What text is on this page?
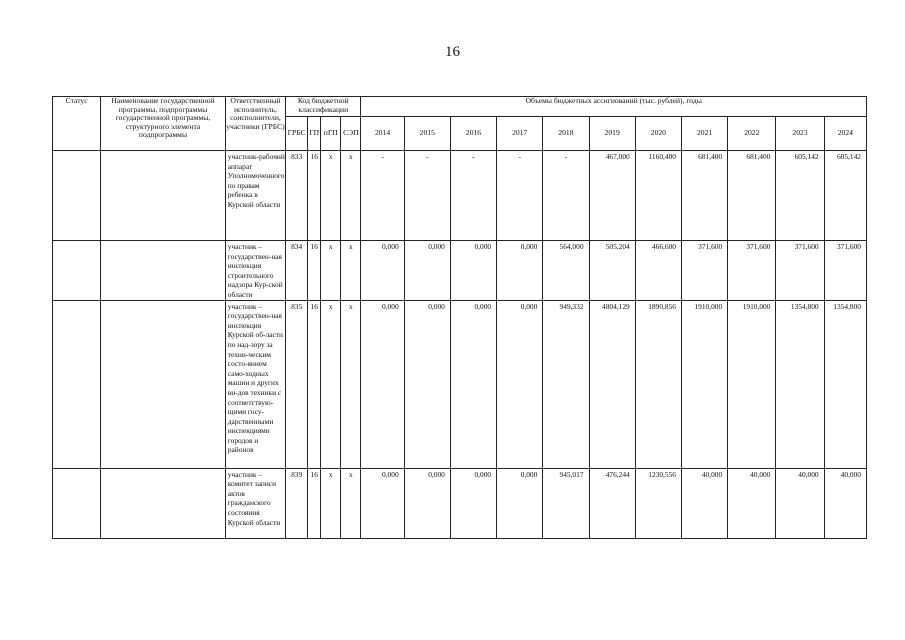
16
Статус	Наименование государственной программы, подпрограммы государственной программы, структурного элемента подпрограммы	Ответственный исполнитель, соисполнители, участники (ГРБС)	Код бюджетной классификации				Объемы бюджетных ассигнований (тыс. рублей), годы										
			ГРБС	ГП	пГП	СЭП	2014	2015	2016	2017	2018	2019	2020	2021	2022	2023	2024
		участник-рабочий аппарат Уполномоченного по правам ребенка в Курской области	833	16	х	х	-	-	-	-	-	467,000	1160,400	681,400	681,400	605,142	605,142
		участник – государствен-ная инспекция строительного надзора Кур-ской области	834	16	х	х	0,000	0,000	0,000	0,000	564,000	505,204	466,600	371,600	371,600	371,600	371,600
		участник – государствен-ная инспекция Курской об-ласти по над-зору за техни-ческим состо-янием само-ходных машин и других ви-дов техники с соответствую-щими госу-дарственными инспекциями городов и районов	835	16	х	х	0,000	0,000	0,000	0,000	949,332	4804,129	1890,856	1910,000	1910,000	1354,800	1354,800
		участник – комитет записи актов гражданского состояния Курской области	839	16	х	х	0,000	0,000	0,000	0,000	945,017	476,244	1230,556	40,000	40,000	40,000	40,000
